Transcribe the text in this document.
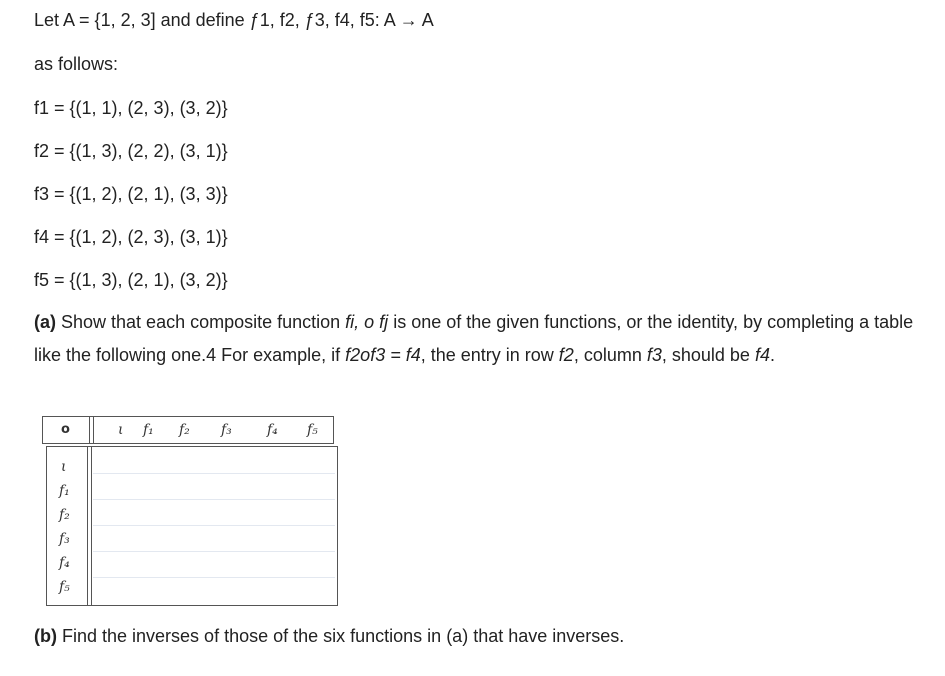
Let A = {1, 2, 3] and define ƒ1, f2, ƒ3, f4, f5: A → A
as follows:
f1 = {(1, 1), (2, 3), (3, 2)}
f2 = {(1, 3), (2, 2), (3, 1)}
f3 = {(1, 2), (2, 1), (3, 3)}
f4 = {(1, 2), (2, 3), (3, 1)}
f5 = {(1, 3), (2, 1), (3, 2)}
(a) Show that each composite function fi, o fj is one of the given functions, or the identity, by completing a table like the following one.4 For example, if f2of3 = f4, the entry in row f2, column f3, should be f4.
o	ι f₁ f₂ f₃	f₄ f₅
ι
f₁
f₂
f₃
f₄
f₅
(b) Find the inverses of those of the six functions in (a) that have inverses.
